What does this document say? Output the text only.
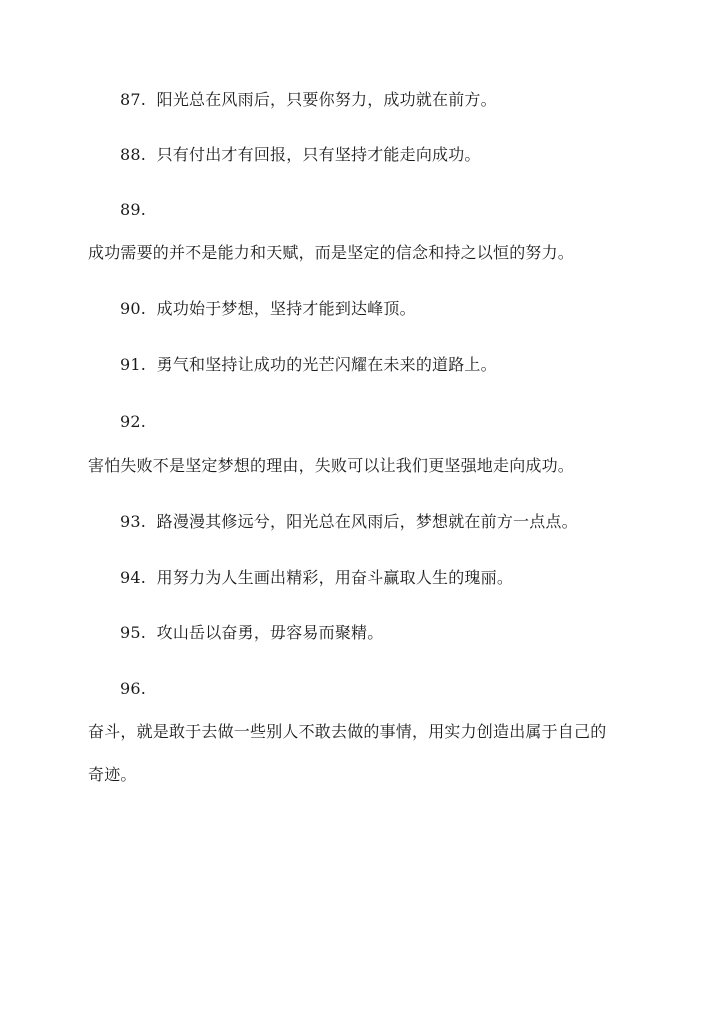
87. 阳光总在风雨后，只要你努力，成功就在前方。
88. 只有付出才有回报，只有坚持才能走向成功。
89.
成功需要的并不是能力和天赋，而是坚定的信念和持之以恒的努力。
90. 成功始于梦想，坚持才能到达峰顶。
91. 勇气和坚持让成功的光芒闪耀在未来的道路上。
92.
害怕失败不是坚定梦想的理由，失败可以让我们更坚强地走向成功。
93. 路漫漫其修远兮，阳光总在风雨后，梦想就在前方一点点。
94. 用努力为人生画出精彩，用奋斗赢取人生的瑰丽。
95. 攻山岳以奋勇，毋容易而聚精。
96.
奋斗，就是敢于去做一些别人不敢去做的事情，用实力创造出属于自己的
奇迹。
